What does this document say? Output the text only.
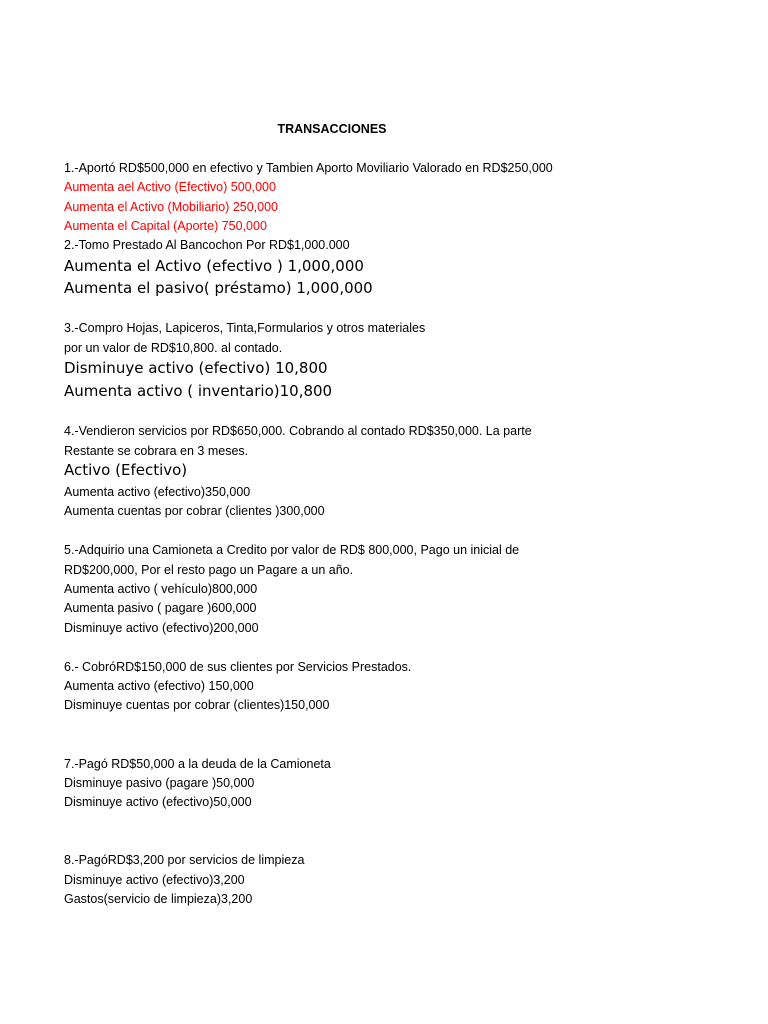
TRANSACCIONES
1.-Aportó RD$500,000 en efectivo y Tambien Aporto Moviliario Valorado en RD$250,000
Aumenta ael Activo (Efectivo) 500,000
Aumenta el Activo (Mobiliario) 250,000
Aumenta el Capital (Aporte) 750,000
2.-Tomo Prestado Al Bancochon Por RD$1,000.000
Aumenta el Activo (efectivo ) 1,000,000
Aumenta el pasivo( préstamo) 1,000,000
3.-Compro Hojas, Lapiceros, Tinta,Formularios y otros materiales
por un valor de RD$10,800. al contado.
Disminuye activo (efectivo) 10,800
Aumenta activo ( inventario)10,800
4.-Vendieron servicios por RD$650,000. Cobrando al contado RD$350,000. La parte
Restante se cobrara en 3 meses.
Activo (Efectivo)
Aumenta activo (efectivo)350,000
Aumenta cuentas por cobrar (clientes )300,000
5.-Adquirio una Camioneta a Credito por valor de RD$ 800,000, Pago un inicial de
RD$200,000, Por el resto pago un Pagare a un año.
Aumenta activo ( vehículo)800,000
Aumenta pasivo ( pagare )600,000
Disminuye activo (efectivo)200,000
6.- CobróRD$150,000 de sus clientes por Servicios Prestados.
Aumenta activo (efectivo) 150,000
Disminuye cuentas por cobrar (clientes)150,000
7.-Pagó RD$50,000 a la deuda de la Camioneta
Disminuye pasivo (pagare )50,000
Disminuye activo (efectivo)50,000
8.-PagóRD$3,200 por servicios de limpieza
Disminuye activo (efectivo)3,200
Gastos(servicio de limpieza)3,200
